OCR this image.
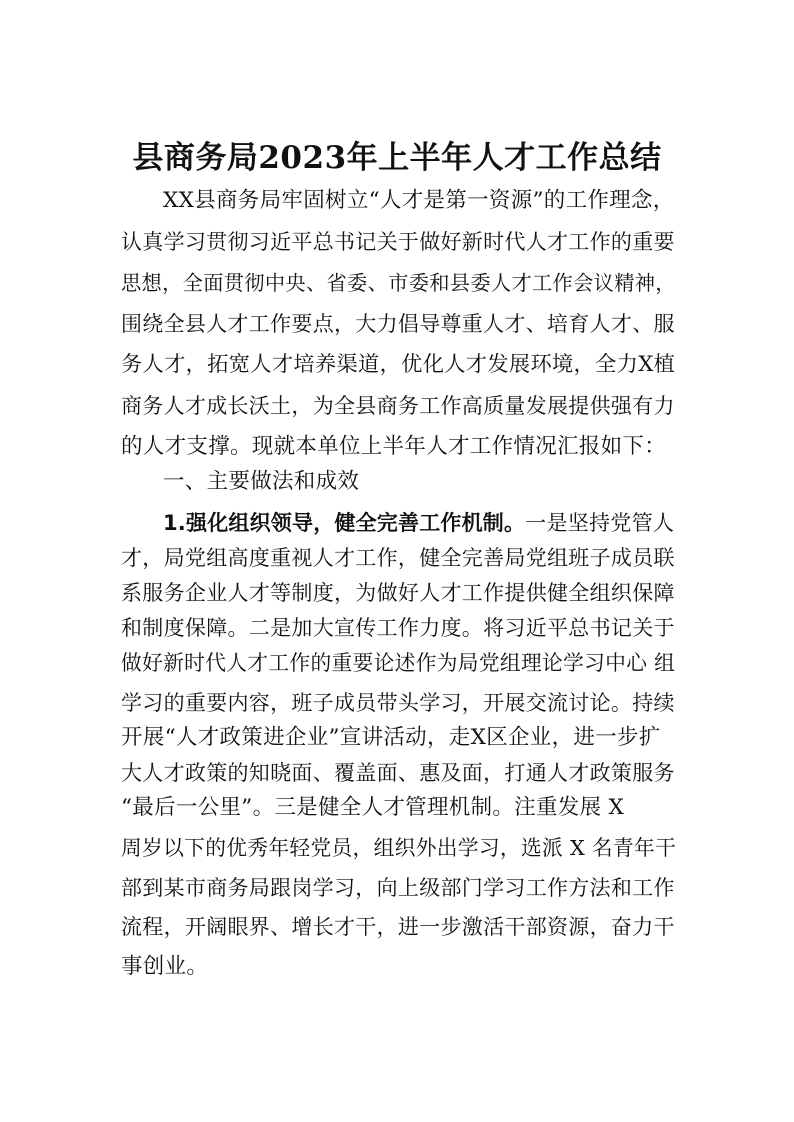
县商务局2023年上半年人才工作总结
XX县商务局牢固树立“人才是第一资源”的工作理念，
认真学习贯彻习近平总书记关于做好新时代人才工作的重要
思想，全面贯彻中央、省委、市委和县委人才工作会议精神，
围绕全县人才工作要点，大力倡导尊重人才、培育人才、服
务人才，拓宽人才培养渠道，优化人才发展环境，全力X植
商务人才成长沃土，为全县商务工作高质量发展提供强有力
的人才支撑。现就本单位上半年人才工作情况汇报如下：
一、主要做法和成效
1.强化组织领导，健全完善工作机制。一是坚持党管人
才，局党组高度重视人才工作，健全完善局党组班子成员联
系服务企业人才等制度，为做好人才工作提供健全组织保障
和制度保障。二是加大宣传工作力度。将习近平总书记关于
做好新时代人才工作的重要论述作为局党组理论学习中心 组
学习的重要内容，班子成员带头学习，开展交流讨论。持续
开展“人才政策进企业”宣讲活动，走X区企业，进一步扩
大人才政策的知晓面、覆盖面、惠及面，打通人才政策服务
“最后一公里”。三是健全人才管理机制。注重发展 X
周岁以下的优秀年轻党员，组织外出学习，选派 X 名青年干
部到某市商务局跟岗学习，向上级部门学习工作方法和工作
流程，开阔眼界、增长才干，进一步激活干部资源，奋力干
事创业。
